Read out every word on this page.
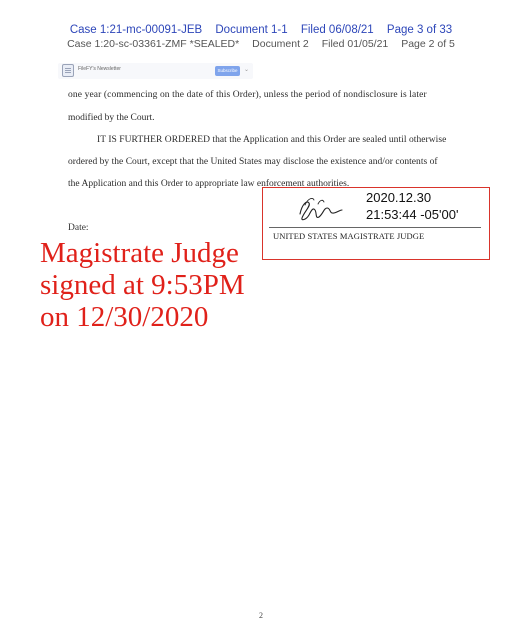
Case 1:21-mc-00091-JEB Document 1-1 Filed 06/08/21 Page 3 of 33
Case 1:20-sc-03361-ZMF *SEALED* Document 2 Filed 01/05/21 Page 2 of 5
FileFY's Newsletter	Subscribe	⌄
one year (commencing on the date of this Order), unless the period of nondisclosure is later
modified by the Court.
IT IS FURTHER ORDERED that the Application and this Order are sealed until otherwise
ordered by the Court, except that the United States may disclose the existence and/or contents of
the Application and this Order to appropriate law enforcement authorities.
Date:
2020.12.30
21:53:44 -05'00'
UNITED STATES MAGISTRATE JUDGE
Magistrate Judge
signed at 9:53PM
on 12/30/2020
2
